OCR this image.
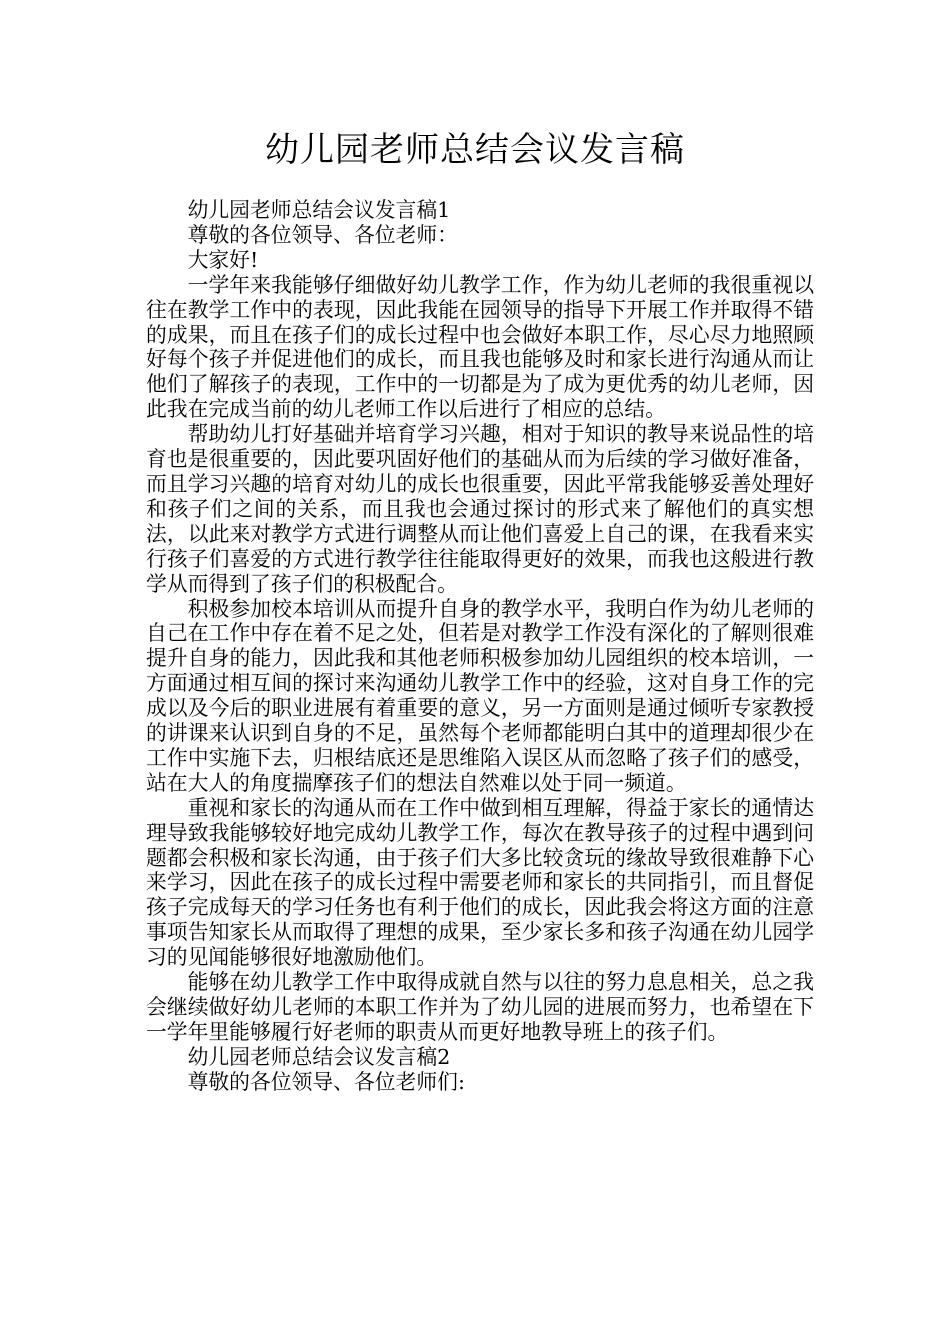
幼儿园老师总结会议发言稿

幼儿园老师总结会议发言稿1

尊敬的各位领导、各位老师：

大家好!

一学年来我能够仔细做好幼儿教学工作，作为幼儿老师的我很重视以往在教学工作中的表现，因此我能在园领导的指导下开展工作并取得不错的成果，而且在孩子们的成长过程中也会做好本职工作，尽心尽力地照顾好每个孩子并促进他们的成长，而且我也能够及时和家长进行沟通从而让他们了解孩子的表现，工作中的一切都是为了成为更优秀的幼儿老师，因此我在完成当前的幼儿老师工作以后进行了相应的总结。

帮助幼儿打好基础并培育学习兴趣，相对于知识的教导来说品性的培育也是很重要的，因此要巩固好他们的基础从而为后续的学习做好准备，而且学习兴趣的培育对幼儿的成长也很重要，因此平常我能够妥善处理好和孩子们之间的关系，而且我也会通过探讨的形式来了解他们的真实想法，以此来对教学方式进行调整从而让他们喜爱上自己的课，在我看来实行孩子们喜爱的方式进行教学往往能取得更好的效果，而我也这般进行教学从而得到了孩子们的积极配合。

积极参加校本培训从而提升自身的教学水平，我明白作为幼儿老师的自己在工作中存在着不足之处，但若是对教学工作没有深化的了解则很难提升自身的能力，因此我和其他老师积极参加幼儿园组织的校本培训，一方面通过相互间的探讨来沟通幼儿教学工作中的经验，这对自身工作的完成以及今后的职业进展有着重要的意义，另一方面则是通过倾听专家教授的讲课来认识到自身的不足，虽然每个老师都能明白其中的道理却很少在工作中实施下去，归根结底还是思维陷入误区从而忽略了孩子们的感受，站在大人的角度揣摩孩子们的想法自然难以处于同一频道。

重视和家长的沟通从而在工作中做到相互理解，得益于家长的通情达理导致我能够较好地完成幼儿教学工作，每次在教导孩子的过程中遇到问题都会积极和家长沟通，由于孩子们大多比较贪玩的缘故导致很难静下心来学习，因此在孩子的成长过程中需要老师和家长的共同指引，而且督促孩子完成每天的学习任务也有利于他们的成长，因此我会将这方面的注意事项告知家长从而取得了理想的成果，至少家长多和孩子沟通在幼儿园学习的见闻能够很好地激励他们。

能够在幼儿教学工作中取得成就自然与以往的努力息息相关，总之我会继续做好幼儿老师的本职工作并为了幼儿园的进展而努力，也希望在下一学年里能够履行好老师的职责从而更好地教导班上的孩子们。

幼儿园老师总结会议发言稿2

尊敬的各位领导、各位老师们:
